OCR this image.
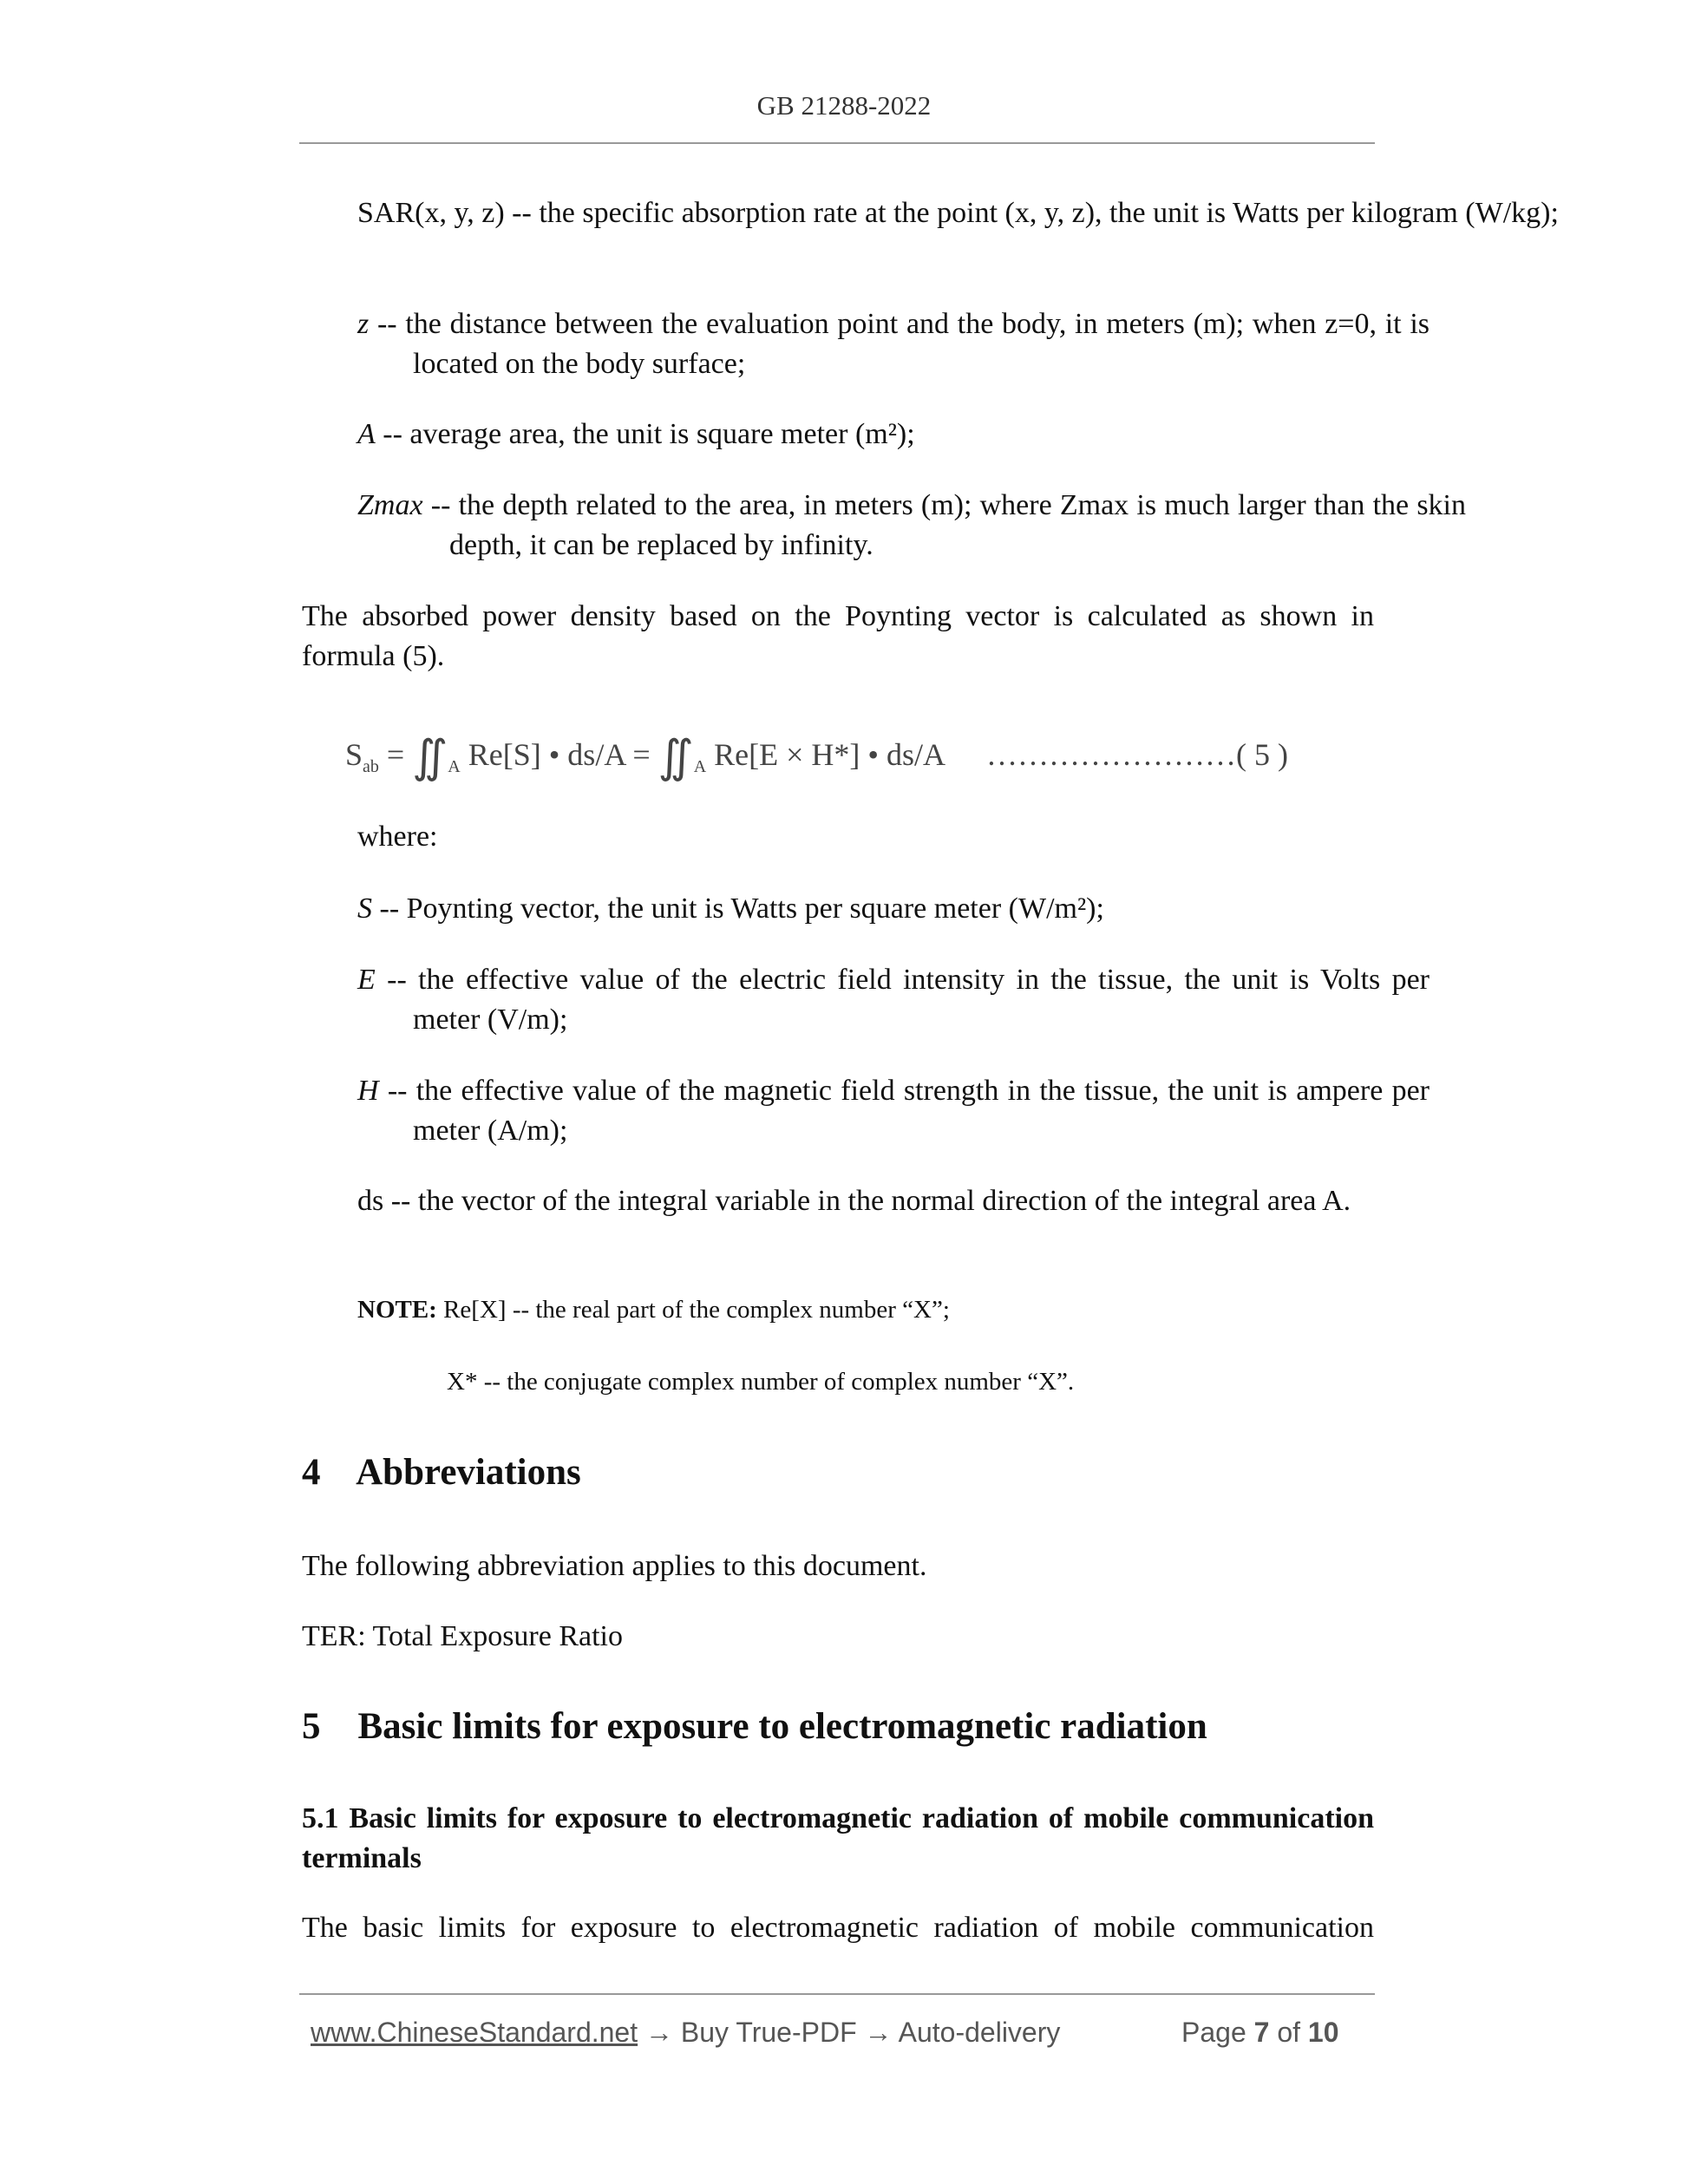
GB 21288-2022
SAR(x, y, z) -- the specific absorption rate at the point (x, y, z), the unit is Watts per kilogram (W/kg);
z -- the distance between the evaluation point and the body, in meters (m); when z=0, it is located on the body surface;
A -- average area, the unit is square meter (m²);
Zmax -- the depth related to the area, in meters (m); where Zmax is much larger than the skin depth, it can be replaced by infinity.
The absorbed power density based on the Poynting vector is calculated as shown in formula (5).
$S_{ab}$ = $∬_A$ Re[S] • $ds/A = ∬_A$ Re[E × H*] • ds/A ……………………( 5 )
where:
S -- Poynting vector, the unit is Watts per square meter (W/m²);
E -- the effective value of the electric field intensity in the tissue, the unit is Volts per meter (V/m);
H -- the effective value of the magnetic field strength in the tissue, the unit is ampere per meter (A/m);
ds -- the vector of the integral variable in the normal direction of the integral area A.
NOTE: Re[X] -- the real part of the complex number “X”;
X* -- the conjugate complex number of complex number “X”.
4    Abbreviations
The following abbreviation applies to this document.
TER: Total Exposure Ratio
5    Basic limits for exposure to electromagnetic radiation
5.1 Basic limits for exposure to electromagnetic radiation of mobile communication terminals
The basic limits for exposure to electromagnetic radiation of mobile communication
www.ChineseStandard.net → Buy True-PDF → Auto-delivery	Page 7 of 10
